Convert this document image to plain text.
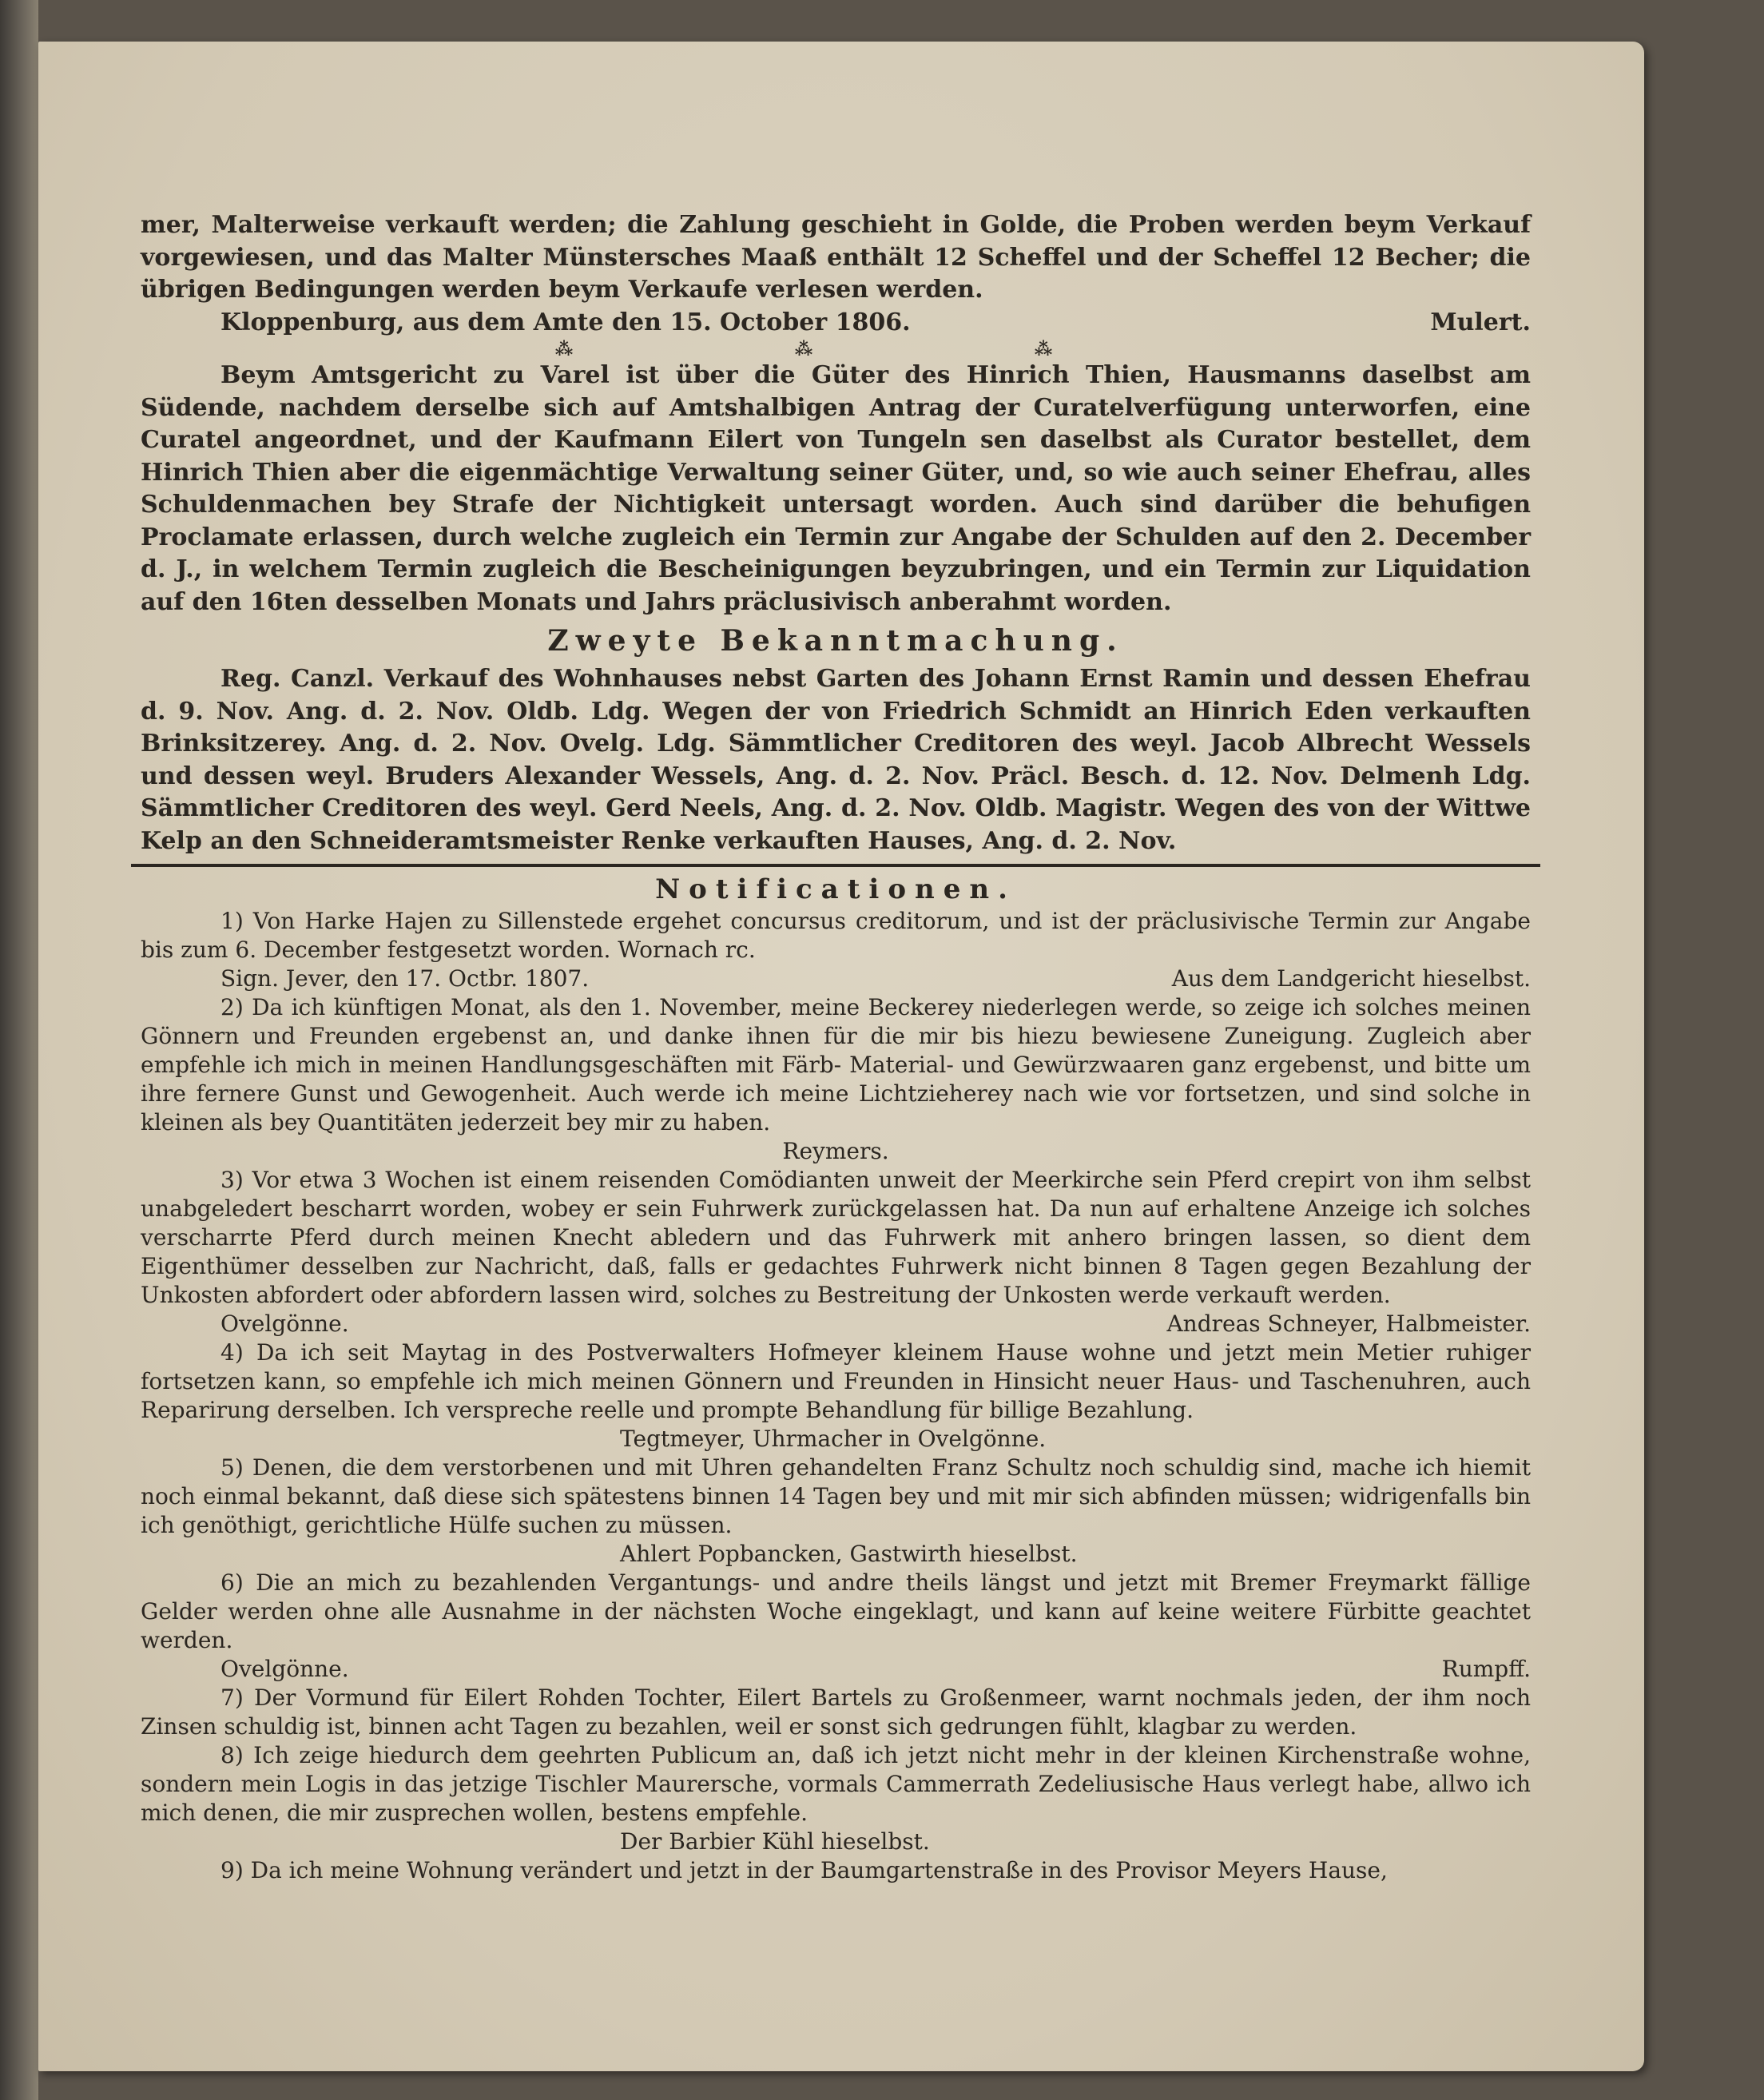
mer, Malterweise verkauft werden; die Zahlung geschieht in Golde, die Proben werden beym Verkauf vorgewiesen, und das Malter Münstersches Maaß enthält 12 Scheffel und der Scheffel 12 Becher; die übrigen Bedingungen werden beym Verkaufe verlesen werden.

Kloppenburg, aus dem Amte den 15. October 1806.	Mulert.
⁂	⁂	⁂

Beym Amtsgericht zu Varel ist über die Güter des Hinrich Thien, Hausmanns daselbst am Südende, nachdem derselbe sich auf Amtshalbigen Antrag der Curatelverfügung unterworfen, eine Curatel angeordnet, und der Kaufmann Eilert von Tungeln sen daselbst als Curator bestellet, dem Hinrich Thien aber die eigenmächtige Verwaltung seiner Güter, und, so wie auch seiner Ehefrau, alles Schuldenmachen bey Strafe der Nichtigkeit untersagt worden. Auch sind darüber die behufigen Proclamate erlassen, durch welche zugleich ein Termin zur Angabe der Schulden auf den 2. December d. J., in welchem Termin zugleich die Bescheinigungen beyzubringen, und ein Termin zur Liquidation auf den 16ten desselben Monats und Jahrs präclusivisch anberahmt worden.

Zweyte Bekanntmachung.

Reg. Canzl. Verkauf des Wohnhauses nebst Garten des Johann Ernst Ramin und dessen Ehefrau d. 9. Nov. Ang. d. 2. Nov. Oldb. Ldg. Wegen der von Friedrich Schmidt an Hinrich Eden verkauften Brinksitzerey. Ang. d. 2. Nov. Ovelg. Ldg. Sämmtlicher Creditoren des weyl. Jacob Albrecht Wessels und dessen weyl. Bruders Alexander Wessels, Ang. d. 2. Nov. Präcl. Besch. d. 12. Nov. Delmenh Ldg. Sämmtlicher Creditoren des weyl. Gerd Neels, Ang. d. 2. Nov. Oldb. Magistr. Wegen des von der Wittwe Kelp an den Schneideramtsmeister Renke verkauften Hauses, Ang. d. 2. Nov.

Notificationen.

1) Von Harke Hajen zu Sillenstede ergehet concursus creditorum, und ist der präclusivische Termin zur Angabe bis zum 6. December festgesetzt worden. Wornach rc.

Sign. Jever, den 17. Octbr. 1807.	Aus dem Landgericht hieselbst.

2) Da ich künftigen Monat, als den 1. November, meine Beckerey niederlegen werde, so zeige ich solches meinen Gönnern und Freunden ergebenst an, und danke ihnen für die mir bis hiezu bewiesene Zuneigung. Zugleich aber empfehle ich mich in meinen Handlungsgeschäften mit Färb- Material- und Gewürzwaaren ganz ergebenst, und bitte um ihre fernere Gunst und Gewogenheit. Auch werde ich meine Lichtzieherey nach wie vor fortsetzen, und sind solche in kleinen als bey Quantitäten jederzeit bey mir zu haben.

Reymers.

3) Vor etwa 3 Wochen ist einem reisenden Comödianten unweit der Meerkirche sein Pferd crepirt von ihm selbst unabgeledert bescharrt worden, wobey er sein Fuhrwerk zurückgelassen hat. Da nun auf erhaltene Anzeige ich solches verscharrte Pferd durch meinen Knecht abledern und das Fuhrwerk mit anhero bringen lassen, so dient dem Eigenthümer desselben zur Nachricht, daß, falls er gedachtes Fuhrwerk nicht binnen 8 Tagen gegen Bezahlung der Unkosten abfordert oder abfordern lassen wird, solches zu Bestreitung der Unkosten werde verkauft werden.

Ovelgönne.	Andreas Schneyer, Halbmeister.

4) Da ich seit Maytag in des Postverwalters Hofmeyer kleinem Hause wohne und jetzt mein Metier ruhiger fortsetzen kann, so empfehle ich mich meinen Gönnern und Freunden in Hinsicht neuer Haus- und Taschenuhren, auch Reparirung derselben. Ich verspreche reelle und prompte Behandlung für billige Bezahlung.

Tegtmeyer, Uhrmacher in Ovelgönne.

5) Denen, die dem verstorbenen und mit Uhren gehandelten Franz Schultz noch schuldig sind, mache ich hiemit noch einmal bekannt, daß diese sich spätestens binnen 14 Tagen bey und mit mir sich abfinden müssen; widrigenfalls bin ich genöthigt, gerichtliche Hülfe suchen zu müssen.

Ahlert Popbancken, Gastwirth hieselbst.

6) Die an mich zu bezahlenden Vergantungs- und andre theils längst und jetzt mit Bremer Freymarkt fällige Gelder werden ohne alle Ausnahme in der nächsten Woche eingeklagt, und kann auf keine weitere Fürbitte geachtet werden.

Ovelgönne.	Rumpff.

7) Der Vormund für Eilert Rohden Tochter, Eilert Bartels zu Großenmeer, warnt nochmals jeden, der ihm noch Zinsen schuldig ist, binnen acht Tagen zu bezahlen, weil er sonst sich gedrungen fühlt, klagbar zu werden.

8) Ich zeige hiedurch dem geehrten Publicum an, daß ich jetzt nicht mehr in der kleinen Kirchenstraße wohne, sondern mein Logis in das jetzige Tischler Maurersche, vormals Cammerrath Zedeliusische Haus verlegt habe, allwo ich mich denen, die mir zusprechen wollen, bestens empfehle.

Der Barbier Kühl hieselbst.

9) Da ich meine Wohnung verändert und jetzt in der Baumgartenstraße in des Provisor Meyers Hause,
